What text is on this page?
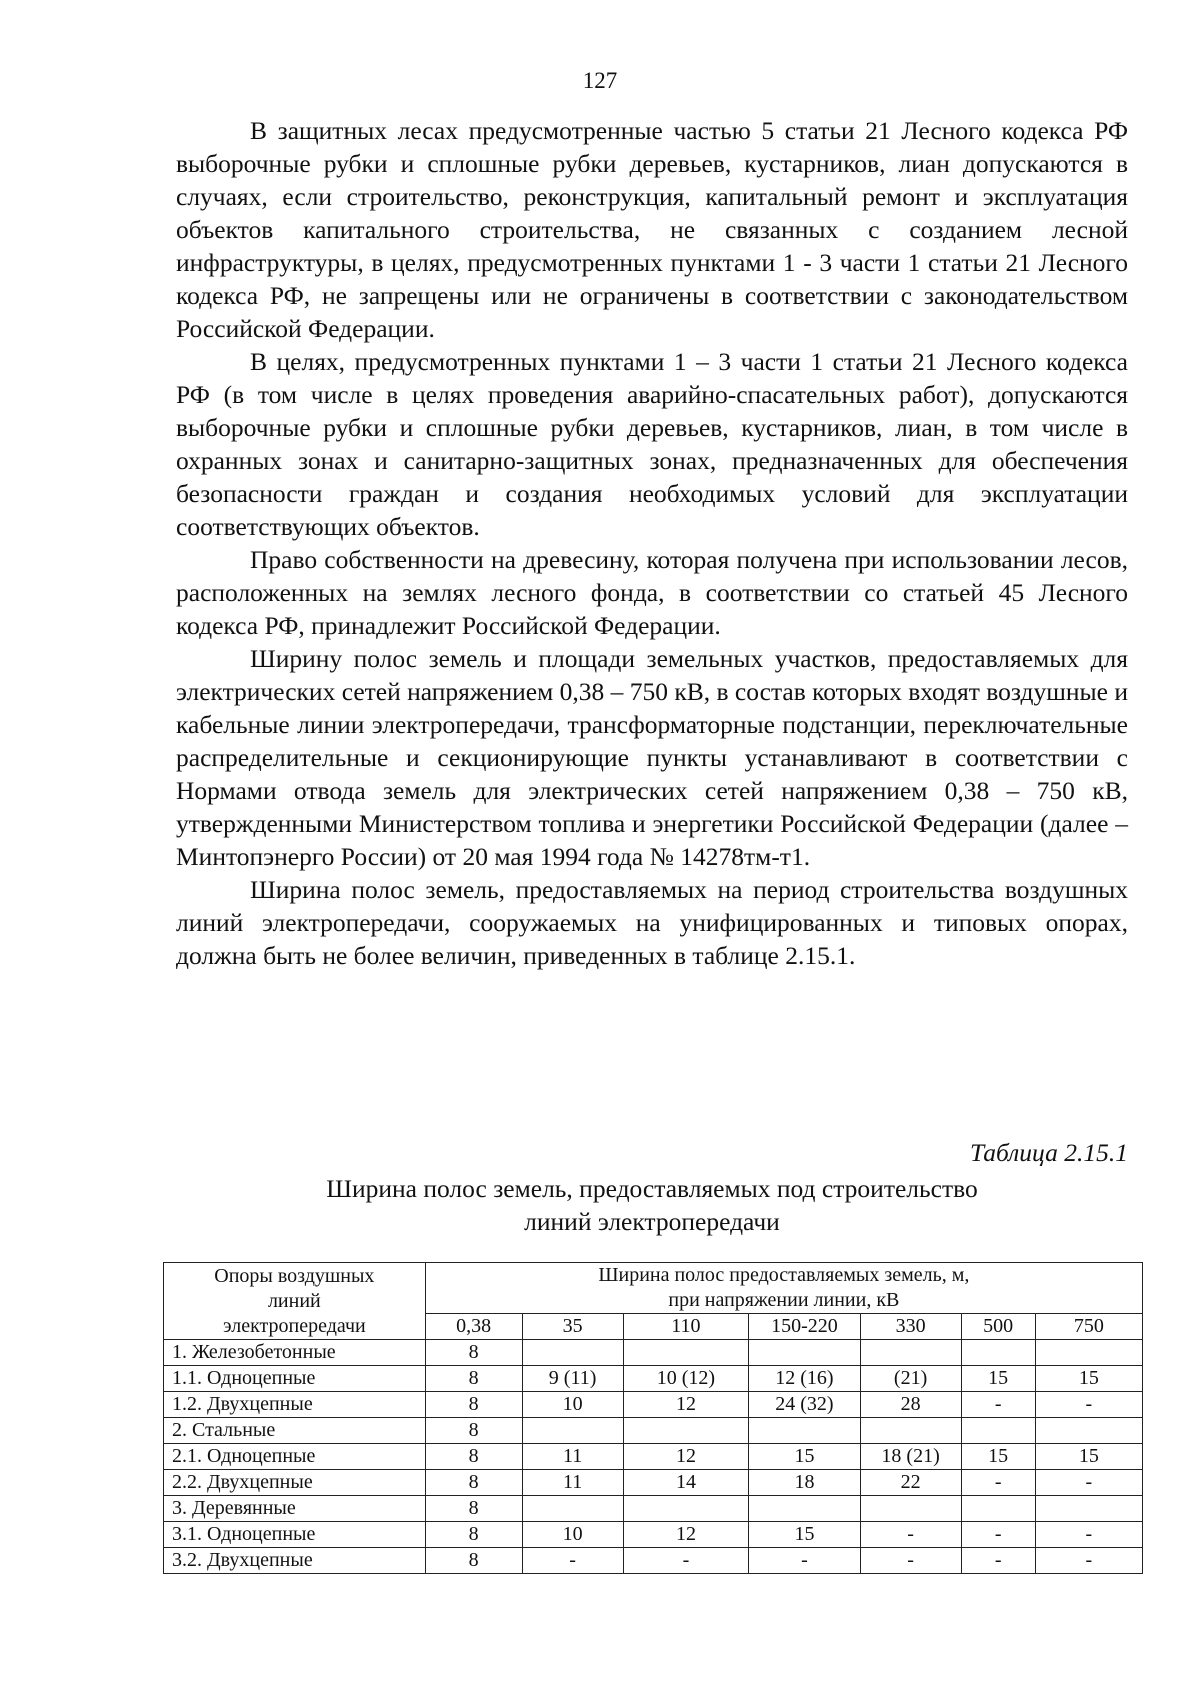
127

В защитных лесах предусмотренные частью 5 статьи 21 Лесного кодекса РФ выборочные рубки и сплошные рубки деревьев, кустарников, лиан допускаются в случаях, если строительство, реконструкция, капитальный ремонт и эксплуатация объектов капитального строительства, не связанных с созданием лесной инфраструктуры, в целях, предусмотренных пунктами 1 - 3 части 1 статьи 21 Лесного кодекса РФ, не запрещены или не ограничены в соответствии с законодательством Российской Федерации.

В целях, предусмотренных пунктами 1 – 3 части 1 статьи 21 Лесного кодекса РФ (в том числе в целях проведения аварийно-спасательных работ), допускаются выборочные рубки и сплошные рубки деревьев, кустарников, лиан, в том числе в охранных зонах и санитарно-защитных зонах, предназначенных для обеспечения безопасности граждан и создания необходимых условий для эксплуатации соответствующих объектов.

Право собственности на древесину, которая получена при использовании лесов, расположенных на землях лесного фонда, в соответствии со статьей 45 Лесного кодекса РФ, принадлежит Российской Федерации.

Ширину полос земель и площади земельных участков, предоставляемых для электрических сетей напряжением 0,38 – 750 кВ, в состав которых входят воздушные и кабельные линии электропередачи, трансформаторные подстанции, переключательные распределительные и секционирующие пункты устанавливают в соответствии с Нормами отвода земель для электрических сетей напряжением 0,38 – 750 кВ, утвержденными Министерством топлива и энергетики Российской Федерации (далее – Минтопэнерго России) от 20 мая 1994 года № 14278тм-т1.

Ширина полос земель, предоставляемых на период строительства воздушных линий электропередачи, сооружаемых на унифицированных и типовых опорах, должна быть не более величин, приведенных в таблице 2.15.1.

Таблица 2.15.1
Ширина полос земель, предоставляемых под строительство
линий электропередачи
Опоры воздушных линий электропередачи	Ширина полос предоставляемых земель, м,
при напряжении линии, кВ						

	0,38	35	110	150-220	330	500	750
1. Железобетонные	8						
1.1. Одноцепные	8	9 (11)	10 (12)	12 (16)	(21)	15	15
1.2. Двухцепные	8	10	12	24 (32)	28	-	-
2. Стальные	8						
2.1. Одноцепные	8	11	12	15	18 (21)	15	15
2.2. Двухцепные	8	11	14	18	22	-	-
3. Деревянные	8						
3.1. Одноцепные	8	10	12	15	-	-	-
3.2. Двухцепные	8	-	-	-	-	-	-
